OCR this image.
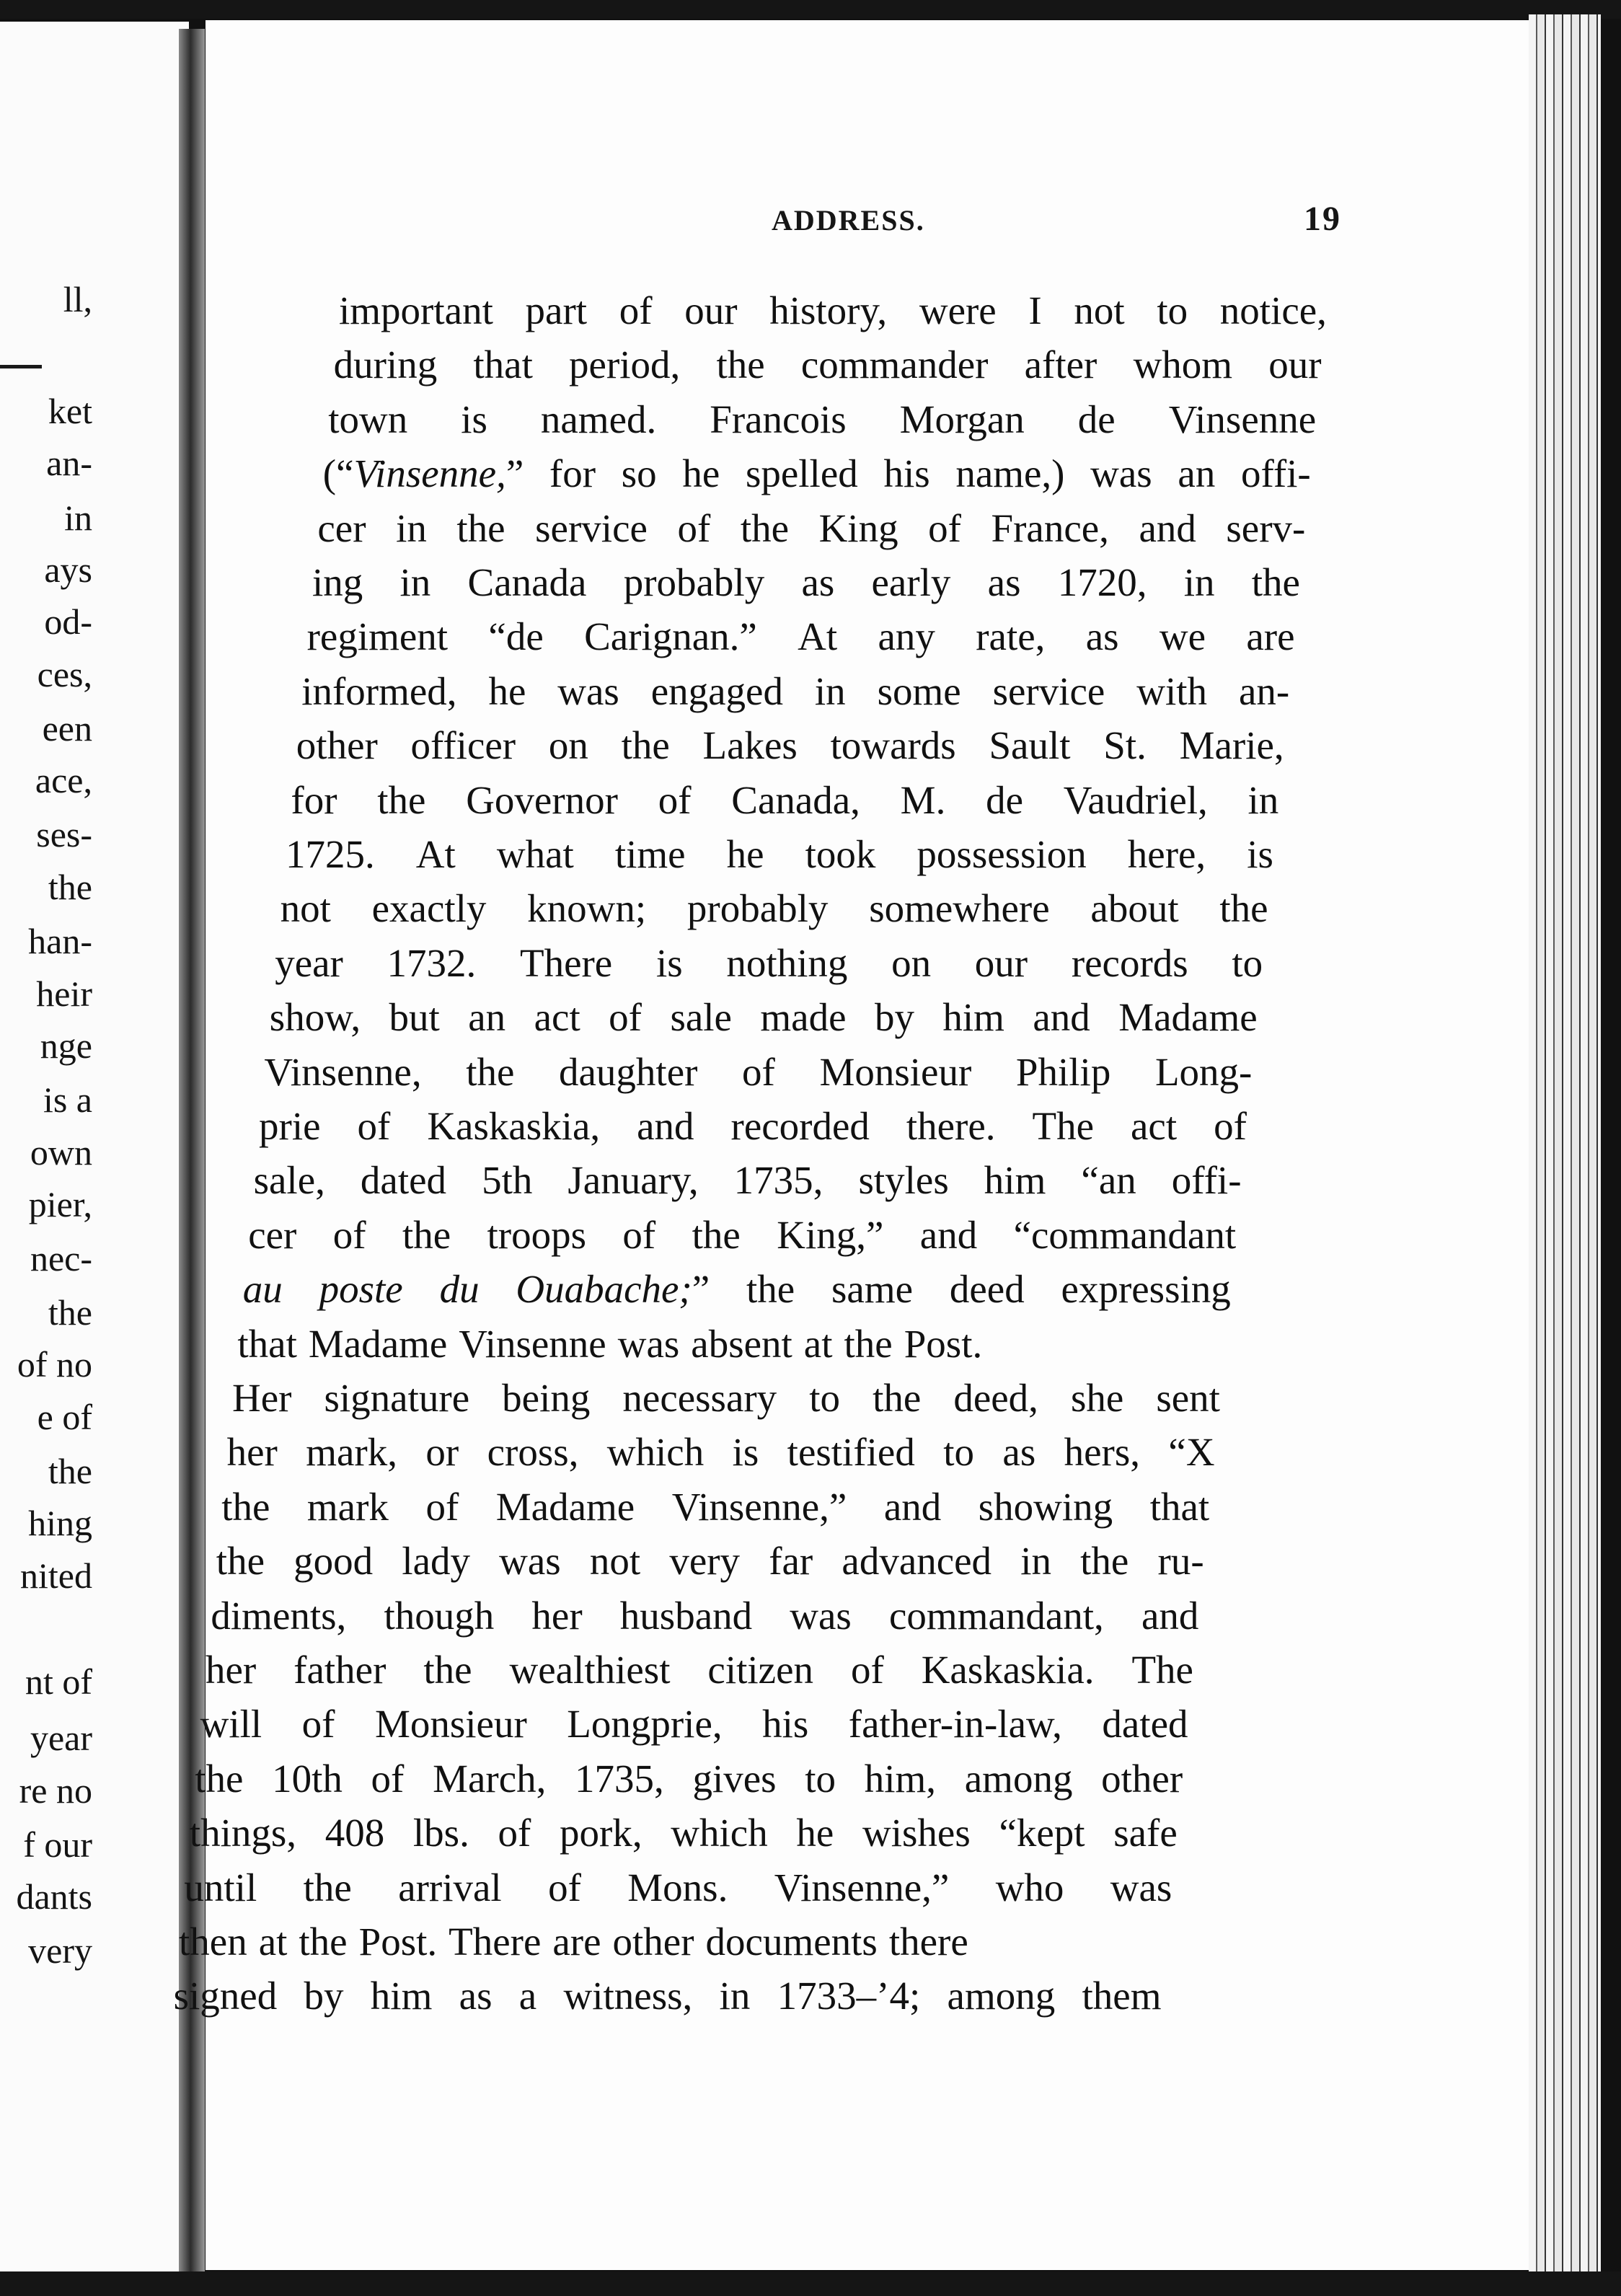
ll,
ket
an-
in
ays
od-
ces,
een
ace,
ses-
the
han-
heir
nge
is a
own
pier,
nec-
the
of no
e of
the
hing
nited
nt of
year
re no
f our
dants
very
ADDRESS.	19
important part of our history, were I not to notice,
during that period, the commander after whom our
town is named. Francois Morgan de Vinsenne
(“Vinsenne,” for so he spelled his name,) was an offi-
cer in the service of the King of France, and serv-
ing in Canada probably as early as 1720, in the
regiment “de Carignan.” At any rate, as we are
informed, he was engaged in some service with an-
other officer on the Lakes towards Sault St. Marie,
for the Governor of Canada, M. de Vaudriel, in
1725. At what time he took possession here, is
not exactly known; probably somewhere about the
year 1732. There is nothing on our records to
show, but an act of sale made by him and Madame
Vinsenne, the daughter of Monsieur Philip Long-
prie of Kaskaskia, and recorded there. The act of
sale, dated 5th January, 1735, styles him “an offi-
cer of the troops of the King,” and “commandant
au poste du Ouabache;” the same deed expressing
that Madame Vinsenne was absent at the Post.
Her signature being necessary to the deed, she sent
her mark, or cross, which is testified to as hers, “X
the mark of Madame Vinsenne,” and showing that
the good lady was not very far advanced in the ru-
diments, though her husband was commandant, and
her father the wealthiest citizen of Kaskaskia. The
will of Monsieur Longprie, his father-in-law, dated
the 10th of March, 1735, gives to him, among other
things, 408 lbs. of pork, which he wishes “kept safe
until the arrival of Mons. Vinsenne,” who was
then at the Post. There are other documents there
signed by him as a witness, in 1733–’4; among them
